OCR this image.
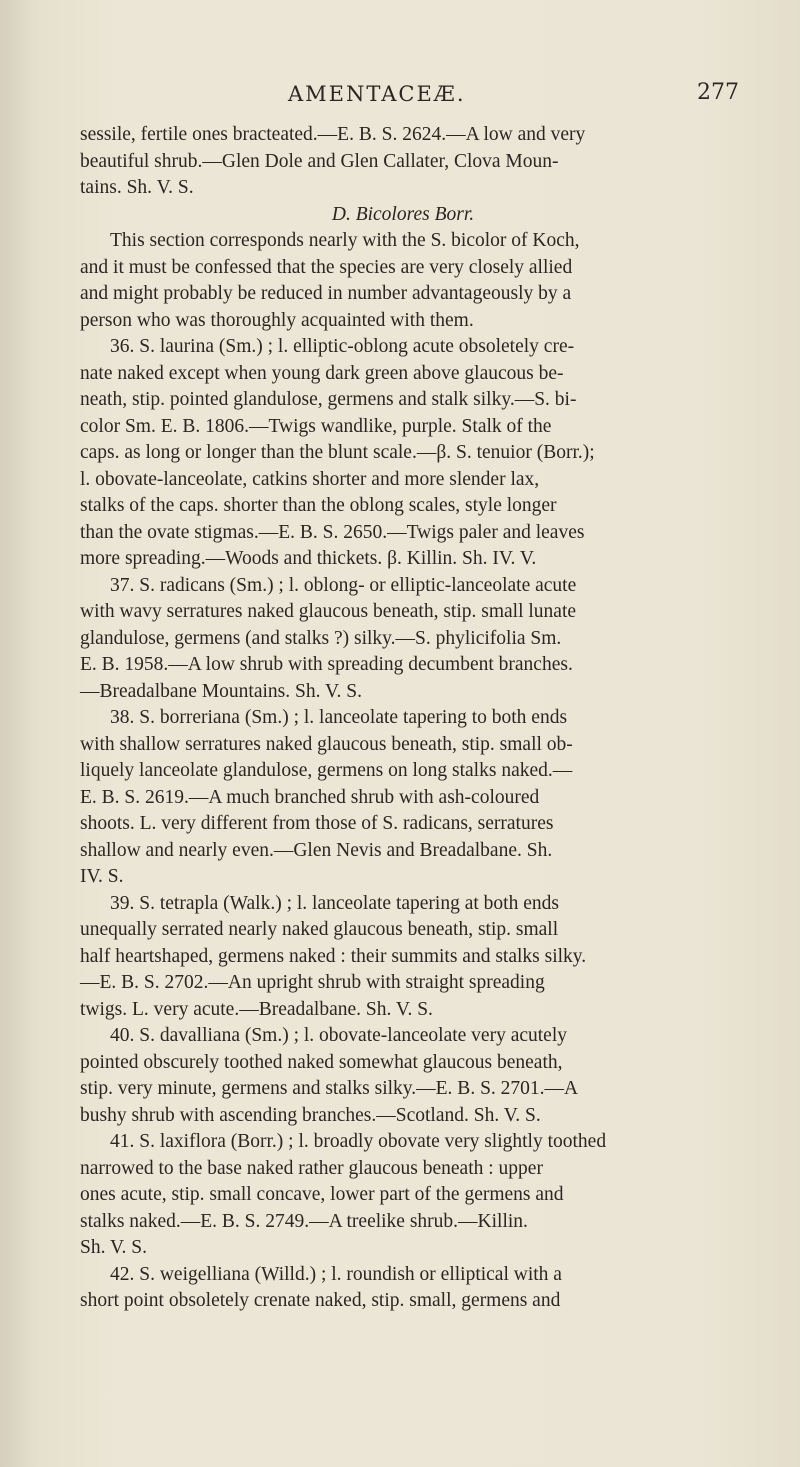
AMENTACEÆ.	277
sessile, fertile ones bracteated.—E. B. S. 2624.—A low and very
beautiful shrub.—Glen Dole and Glen Callater, Clova Moun-
tains. Sh. V. S.
D. Bicolores Borr.
This section corresponds nearly with the S. bicolor of Koch,
and it must be confessed that the species are very closely allied
and might probably be reduced in number advantageously by a
person who was thoroughly acquainted with them.
36. S. laurina (Sm.) ; l. elliptic-oblong acute obsoletely cre-
nate naked except when young dark green above glaucous be-
neath, stip. pointed glandulose, germens and stalk silky.—S. bi-
color Sm. E. B. 1806.—Twigs wandlike, purple. Stalk of the
caps. as long or longer than the blunt scale.—β. S. tenuior (Borr.);
l. obovate-lanceolate, catkins shorter and more slender lax,
stalks of the caps. shorter than the oblong scales, style longer
than the ovate stigmas.—E. B. S. 2650.—Twigs paler and leaves
more spreading.—Woods and thickets. β. Killin. Sh. IV. V.
37. S. radicans (Sm.) ; l. oblong- or elliptic-lanceolate acute
with wavy serratures naked glaucous beneath, stip. small lunate
glandulose, germens (and stalks ?) silky.—S. phylicifolia Sm.
E. B. 1958.—A low shrub with spreading decumbent branches.
—Breadalbane Mountains. Sh. V. S.
38. S. borreriana (Sm.) ; l. lanceolate tapering to both ends
with shallow serratures naked glaucous beneath, stip. small ob-
liquely lanceolate glandulose, germens on long stalks naked.—
E. B. S. 2619.—A much branched shrub with ash-coloured
shoots. L. very different from those of S. radicans, serratures
shallow and nearly even.—Glen Nevis and Breadalbane. Sh.
IV. S.
39. S. tetrapla (Walk.) ; l. lanceolate tapering at both ends
unequally serrated nearly naked glaucous beneath, stip. small
half heartshaped, germens naked : their summits and stalks silky.
—E. B. S. 2702.—An upright shrub with straight spreading
twigs. L. very acute.—Breadalbane. Sh. V. S.
40. S. davalliana (Sm.) ; l. obovate-lanceolate very acutely
pointed obscurely toothed naked somewhat glaucous beneath,
stip. very minute, germens and stalks silky.—E. B. S. 2701.—A
bushy shrub with ascending branches.—Scotland. Sh. V. S.
41. S. laxiflora (Borr.) ; l. broadly obovate very slightly toothed
narrowed to the base naked rather glaucous beneath : upper
ones acute, stip. small concave, lower part of the germens and
stalks naked.—E. B. S. 2749.—A treelike shrub.—Killin.
Sh. V. S.
42. S. weigelliana (Willd.) ; l. roundish or elliptical with a
short point obsoletely crenate naked, stip. small, germens and
